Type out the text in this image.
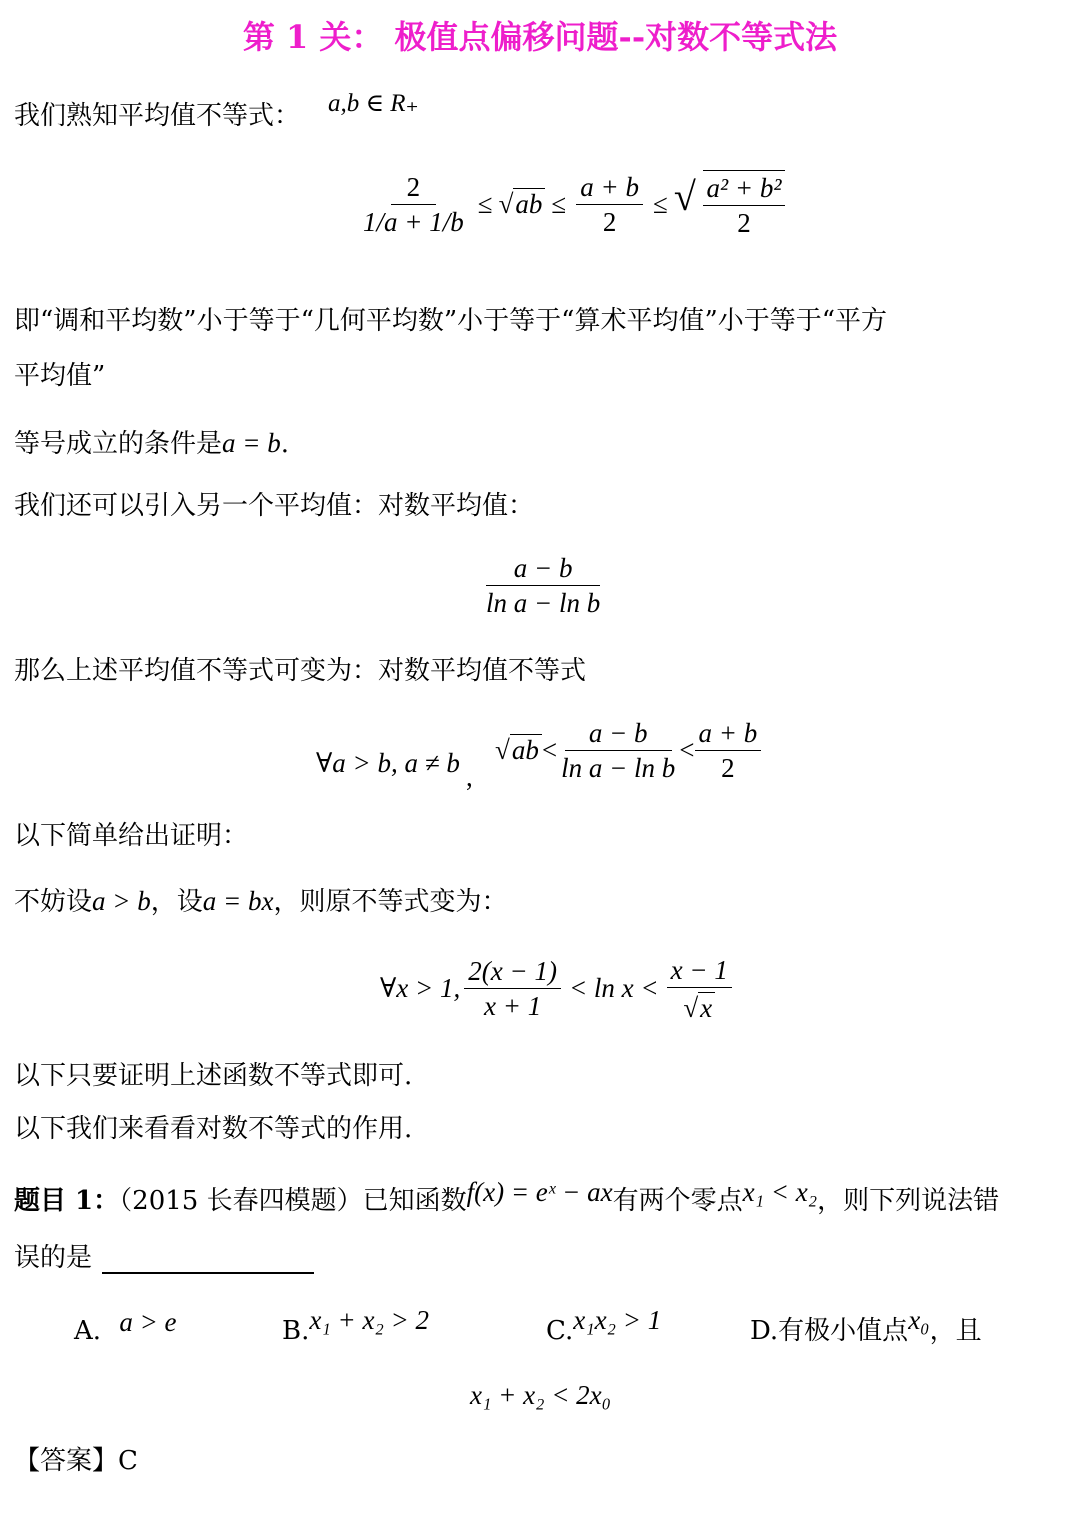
第 1 关： 极值点偏移问题--对数不等式法
我们熟知平均值不等式： a,b ∈ R₊
$\frac{2}{1/a + 1/b} \le √ab \le \frac{a + b}{2}$ ≤ √ $\frac{\text{a² + b²}}{2}$
即“调和平均数”小于等于“几何平均数”小于等于“算术平均值”小于等于“平方
平均值”
等号成立的条件是a = b.
我们还可以引入另一个平均值：对数平均值：
$\frac{a - b}{\text{ln a − ln b}}$
那么上述平均值不等式可变为：对数平均值不等式
∀a > b, a ≠ b ,
$√ab < \frac{a - b}{\text{ln a − ln b}} < \frac{a + b}{2}$
以下简单给出证明：
不妨设a > b，设a = bx，则原不等式变为：
∀x > 1, $\frac{2(x - 1)}{x + 1} < \ln x < \frac{x - 1}{√x}$
以下只要证明上述函数不等式即可.
以下我们来看看对数不等式的作用.
题目 1：（2015 长春四模题）已知函数f(x) = eˣ − ax有两个零点x₁ < x₂，则下列说法错
误的是
A. a > e	B.x₁ + x₂ > 2	C.x₁x₂ > 1	D.有极小值点x₀，且
x₁ + x₂ < 2x₀
【答案】C
